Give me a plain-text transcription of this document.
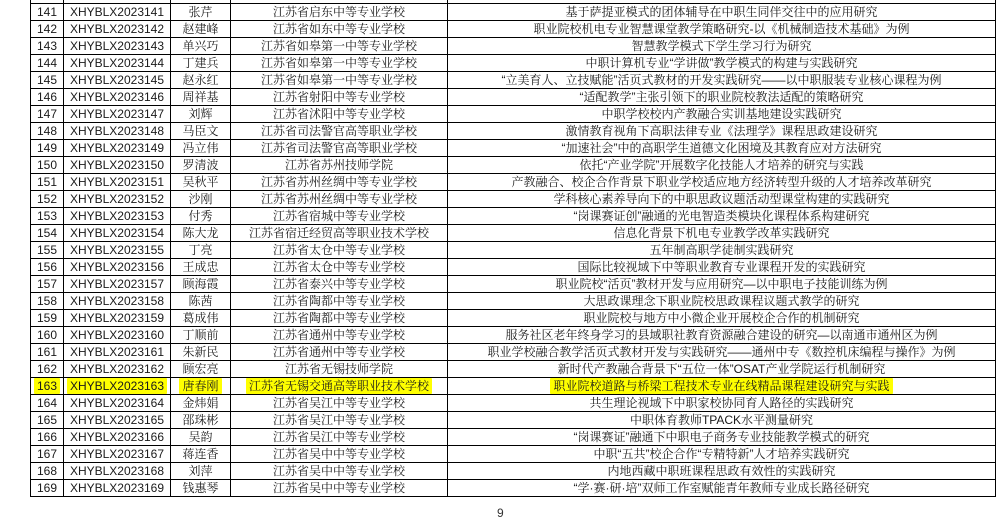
141	XHYBLX2023141	张芹	江苏省启东中等专业学校	基于萨提亚模式的团体辅导在中职生同伴交往中的应用研究
142	XHYBLX2023142	赵建峰	江苏省如东中等专业学校	职业院校机电专业智慧课堂教学策略研究-以《机械制造技术基础》为例
143	XHYBLX2023143	单兴巧	江苏省如皋第一中等专业学校	智慧教学模式下学生学习行为研究
144	XHYBLX2023144	丁建兵	江苏省如皋第一中等专业学校	中职计算机专业“学讲做”教学模式的构建与实践研究
145	XHYBLX2023145	赵永红	江苏省如皋第一中等专业学校	“立美育人、立技赋能”活页式教材的开发实践研究——以中职服装专业核心课程为例
146	XHYBLX2023146	周祥基	江苏省射阳中等专业学校	“适配教学”主张引领下的职业院校教法适配的策略研究
147	XHYBLX2023147	刘辉	江苏省沭阳中等专业学校	中职学校校内产教融合实训基地建设实践研究
148	XHYBLX2023148	马臣文	江苏省司法警官高等职业学校	激情教育视角下高职法律专业《法理学》课程思政建设研究
149	XHYBLX2023149	冯立伟	江苏省司法警官高等职业学校	“加速社会”中的高职学生道德文化困境及其教育应对方法研究
150	XHYBLX2023150	罗清波	江苏省苏州技师学院	依托“产业学院”开展数字化技能人才培养的研究与实践
151	XHYBLX2023151	吴秋平	江苏省苏州丝绸中等专业学校	产教融合、校企合作背景下职业学校适应地方经济转型升级的人才培养改革研究
152	XHYBLX2023152	沙刚	江苏省苏州丝绸中等专业学校	学科核心素养导向下的中职思政议题活动型课堂构建的实践研究
153	XHYBLX2023153	付秀	江苏省宿城中等专业学校	“岗课赛证创”融通的光电智造类模块化课程体系构建研究
154	XHYBLX2023154	陈大龙	江苏省宿迁经贸高等职业技术学校	信息化背景下机电专业教学改革实践研究
155	XHYBLX2023155	丁亮	江苏省太仓中等专业学校	五年制高职学徒制实践研究
156	XHYBLX2023156	王成忠	江苏省太仓中等专业学校	国际比较视域下中等职业教育专业课程开发的实践研究
157	XHYBLX2023157	顾海霞	江苏省泰兴中等专业学校	职业院校“活页”教材开发与应用研究—以中职电子技能训练为例
158	XHYBLX2023158	陈茜	江苏省陶都中等专业学校	大思政课理念下职业院校思政课程议题式教学的研究
159	XHYBLX2023159	葛成伟	江苏省陶都中等专业学校	职业院校与地方中小微企业开展校企合作的机制研究
160	XHYBLX2023160	丁顺前	江苏省通州中等专业学校	服务社区老年终身学习的县域职社教育资源融合建设的研究—以南通市通州区为例
161	XHYBLX2023161	朱新民	江苏省通州中等专业学校	职业学校融合教学活页式教材开发与实践研究——通州中专《数控机床编程与操作》为例
162	XHYBLX2023162	顾宏亮	江苏省无锡技师学院	新时代产教融合背景下“五位一体”OSAT产业学院运行机制研究
163	XHYBLX2023163	唐春刚	江苏省无锡交通高等职业技术学校	职业院校道路与桥梁工程技术专业在线精品课程建设研究与实践
164	XHYBLX2023164	金炜娟	江苏省吴江中等专业学校	共生理论视域下中职家校协同育人路径的实践研究
165	XHYBLX2023165	邵珠彬	江苏省吴江中等专业学校	中职体育教师TPACK水平测量研究
166	XHYBLX2023166	吴韵	江苏省吴江中等专业学校	“岗课赛证”融通下中职电子商务专业技能教学模式的研究
167	XHYBLX2023167	蒋连香	江苏省吴中中等专业学校	中职“五共”校企合作“专精特新”人才培养实践研究
168	XHYBLX2023168	刘萍	江苏省吴中中等专业学校	内地西藏中职班课程思政有效性的实践研究
169	XHYBLX2023169	钱惠琴	江苏省吴中中等专业学校	“学·赛·研·培”双师工作室赋能青年教师专业成长路径研究
9
